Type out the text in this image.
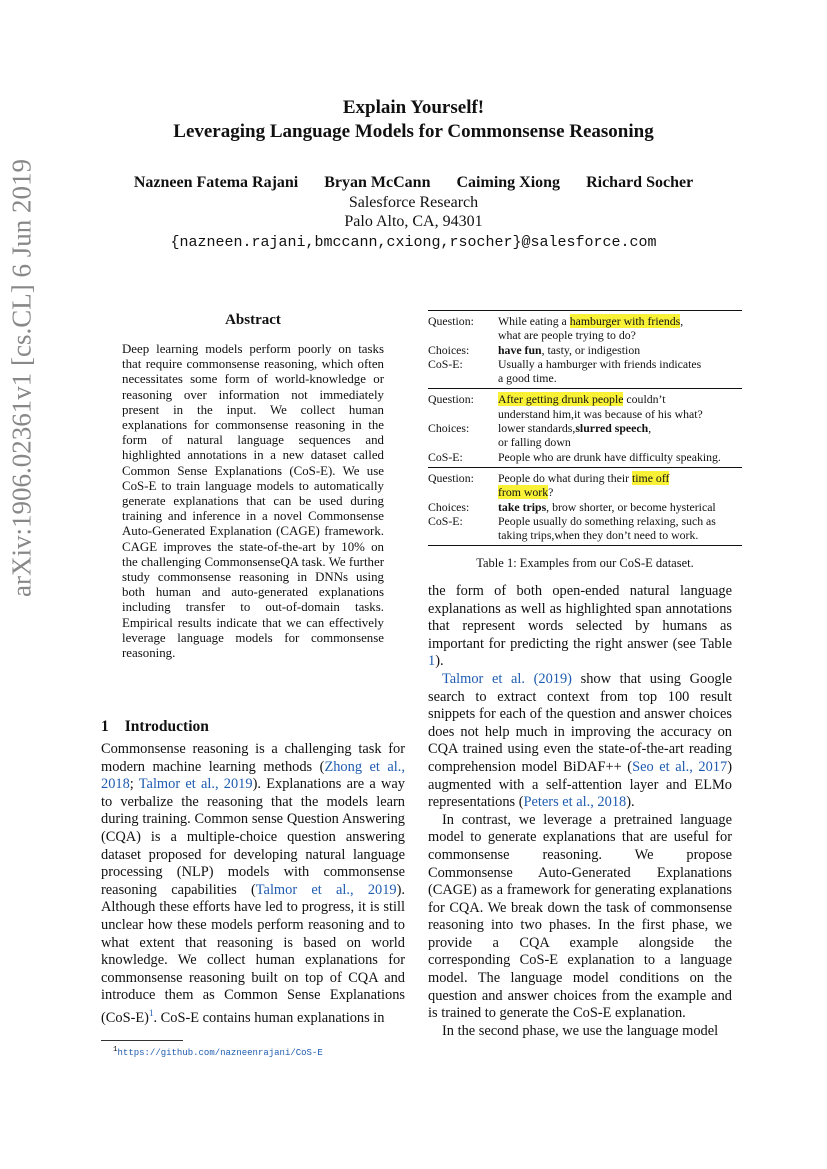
Explain Yourself!
Leveraging Language Models for Commonsense Reasoning
Nazneen Fatema Rajani Bryan McCann Caiming Xiong Richard Socher
Salesforce Research
Palo Alto, CA, 94301
{nazneen.rajani,bmccann,cxiong,rsocher}@salesforce.com
arXiv:1906.02361v1 [cs.CL] 6 Jun 2019	Abstract
Deep learning models perform poorly on tasks that require commonsense reasoning, which often necessitates some form of world-knowledge or reasoning over information not immediately present in the input. We collect human explanations for commonsense reasoning in the form of natural language sequences and highlighted annotations in a new dataset called Common Sense Explanations (CoS-E). We use CoS-E to train language models to automatically generate explanations that can be used during training and inference in a novel Commonsense Auto-Generated Explanation (CAGE) framework. CAGE improves the state-of-the-art by 10% on the challenging CommonsenseQA task. We further study commonsense reasoning in DNNs using both human and auto-generated explanations including transfer to out-of-domain tasks. Empirical results indicate that we can effectively leverage language models for commonsense reasoning.
1 Introduction

Commonsense reasoning is a challenging task for modern machine learning methods (Zhong et al., 2018; Talmor et al., 2019). Explanations are a way to verbalize the reasoning that the models learn during training. Common sense Question Answering (CQA) is a multiple-choice question answering dataset proposed for developing natural language processing (NLP) models with commonsense reasoning capabilities (Talmor et al., 2019). Although these efforts have led to progress, it is still unclear how these models perform reasoning and to what extent that reasoning is based on world knowledge. We collect human explanations for commonsense reasoning built on top of CQA and introduce them as Common Sense Explanations (CoS-E)$^1$. CoS-E contains human explanations in

$^1$https://github.com/nazneenrajani/CoS-E
Question:	While eating a hamburger with friends,
what are people trying to do?
Choices:	have fun, tasty, or indigestion
CoS-E:	Usually a hamburger with friends indicates
a good time.
Question:	After getting drunk people couldn’t
understand him,it was because of his what?
Choices:	lower standards,slurred speech,
or falling down
CoS-E:	People who are drunk have difficulty speaking.
Question:	People do what during their time off
from work?
Choices:	take trips, brow shorter, or become hysterical
CoS-E:	People usually do something relaxing, such as
taking trips,when they don’t need to work.
Table 1: Examples from our CoS-E dataset.

the form of both open-ended natural language explanations as well as highlighted span annotations that represent words selected by humans as important for predicting the right answer (see Table 1).

Talmor et al. (2019) show that using Google search to extract context from top 100 result snippets for each of the question and answer choices does not help much in improving the accuracy on CQA trained using even the state-of-the-art reading comprehension model BiDAF++ (Seo et al., 2017) augmented with a self-attention layer and ELMo representations (Peters et al., 2018).

In contrast, we leverage a pretrained language model to generate explanations that are useful for commonsense reasoning. We propose Commonsense Auto-Generated Explanations (CAGE) as a framework for generating explanations for CQA. We break down the task of commonsense reasoning into two phases. In the first phase, we provide a CQA example alongside the corresponding CoS-E explanation to a language model. The language model conditions on the question and answer choices from the example and is trained to generate the CoS-E explanation.

In the second phase, we use the language model
